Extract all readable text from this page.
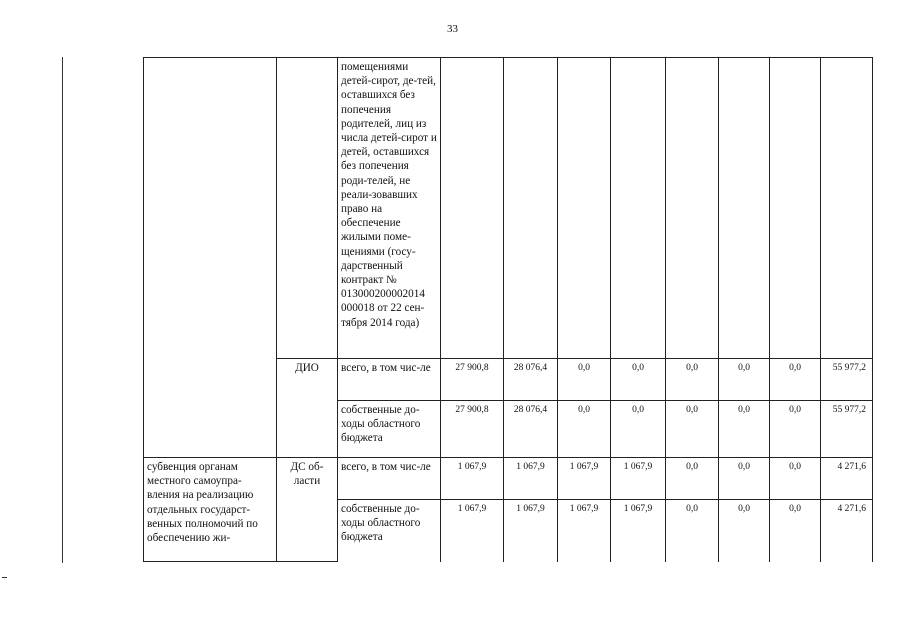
33
		помещениями детей-сирот, де-тей, оставшихся без попечения родителей, лиц из числа детей-сирот и детей, оставшихся без попечения роди-телей, не реали-зовавших право на обеспечение жилыми поме-щениями (госу-дарственный контракт № 013000200002014 000018 от 22 сен-тября 2014 года)								
	ДИО	всего, в том чис-ле	27 900,8	28 076,4	0,0	0,0	0,0	0,0	0,0	55 977,2
		собственные до-ходы областного бюджета	27 900,8	28 076,4	0,0	0,0	0,0	0,0	0,0	55 977,2
субвенция органам местного самоупра-вления на реализацию отдельных государст-венных полномочий по обеспечению жи-	ДС об-ласти	всего, в том чис-ле	1 067,9	1 067,9	1 067,9	1 067,9	0,0	0,0	0,0	4 271,6
		собственные до-ходы областного бюджета	1 067,9	1 067,9	1 067,9	1 067,9	0,0	0,0	0,0	4 271,6
